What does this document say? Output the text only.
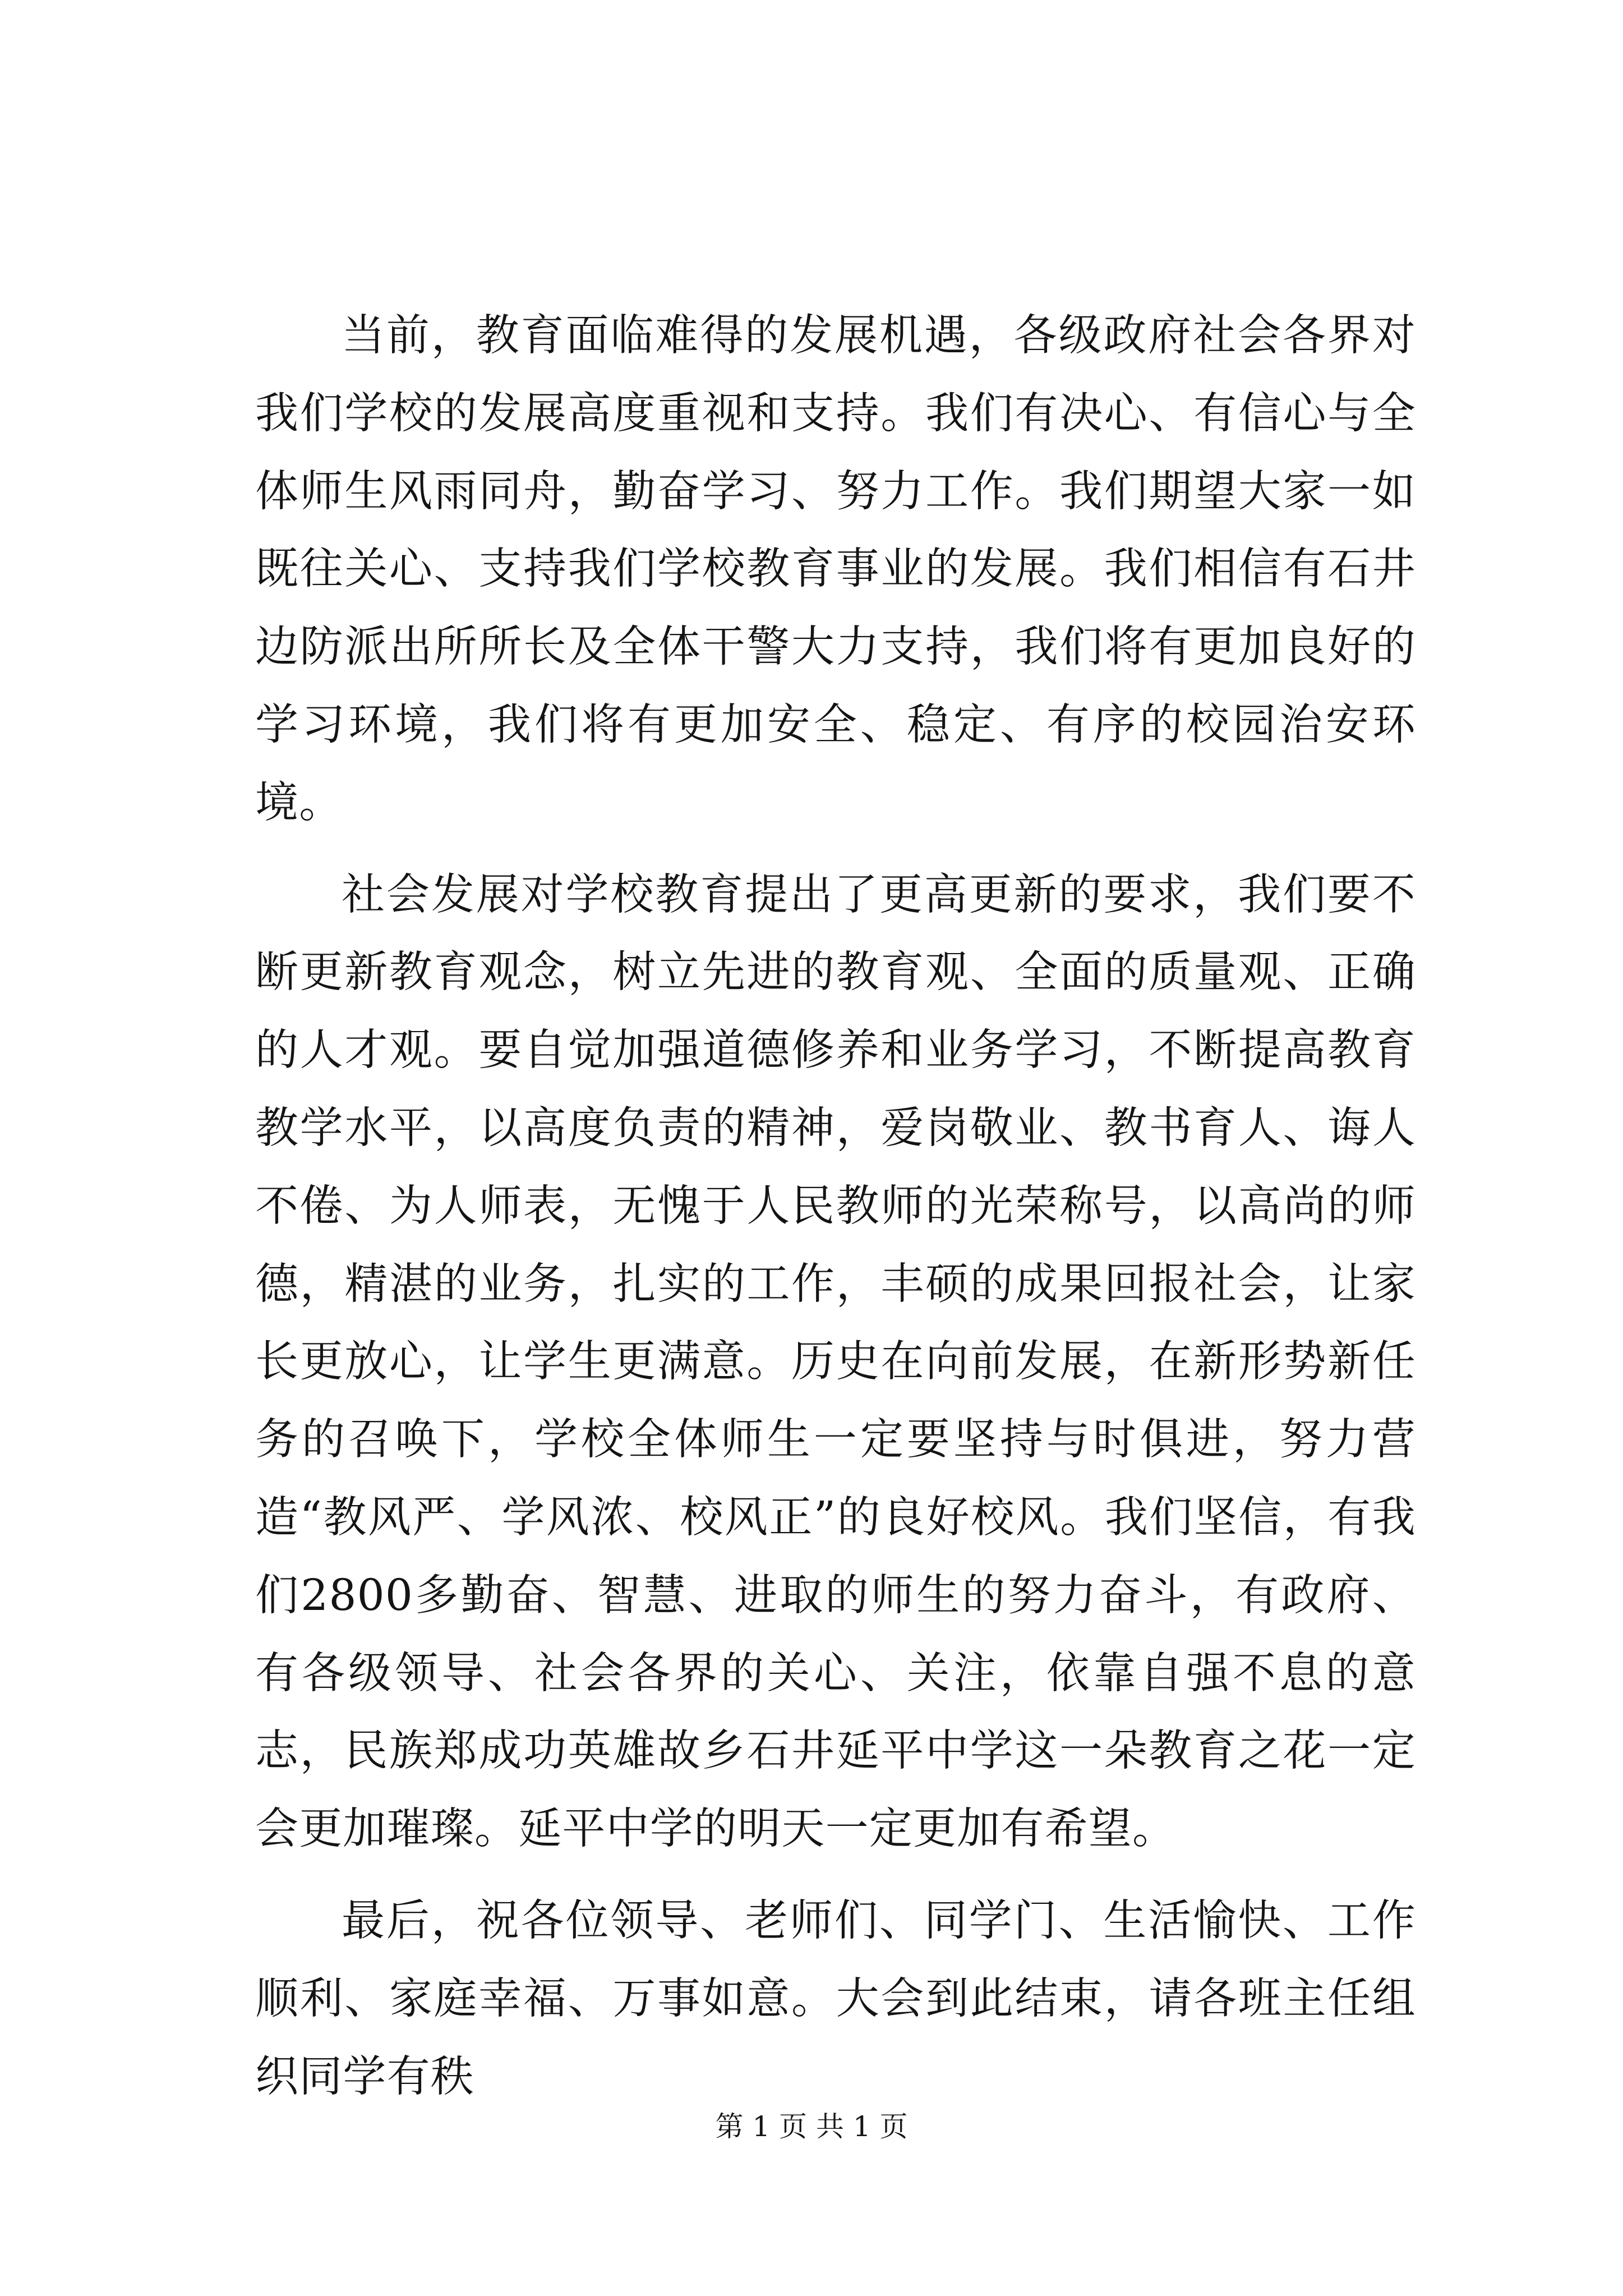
当前，教育面临难得的发展机遇，各级政府社会各界对我们学校的发展高度重视和支持。我们有决心、有信心与全体师生风雨同舟，勤奋学习、努力工作。我们期望大家一如既往关心、支持我们学校教育事业的发展。我们相信有石井边防派出所所长及全体干警大力支持，我们将有更加良好的学习环境，我们将有更加安全、稳定、有序的校园治安环境。

社会发展对学校教育提出了更高更新的要求，我们要不断更新教育观念，树立先进的教育观、全面的质量观、正确的人才观。要自觉加强道德修养和业务学习，不断提高教育教学水平，以高度负责的精神，爱岗敬业、教书育人、诲人不倦、为人师表，无愧于人民教师的光荣称号，以高尚的师德，精湛的业务，扎实的工作，丰硕的成果回报社会，让家长更放心，让学生更满意。历史在向前发展，在新形势新任务的召唤下，学校全体师生一定要坚持与时俱进，努力营造“教风严、学风浓、校风正”的良好校风。我们坚信，有我们2800多勤奋、智慧、进取的师生的努力奋斗，有政府、有各级领导、社会各界的关心、关注，依靠自强不息的意志，民族郑成功英雄故乡石井延平中学这一朵教育之花一定会更加璀璨。延平中学的明天一定更加有希望。

最后，祝各位领导、老师们、同学门、生活愉快、工作顺利、家庭幸福、万事如意。大会到此结束，请各班主任组织同学有秩

第 1 页 共 1 页
